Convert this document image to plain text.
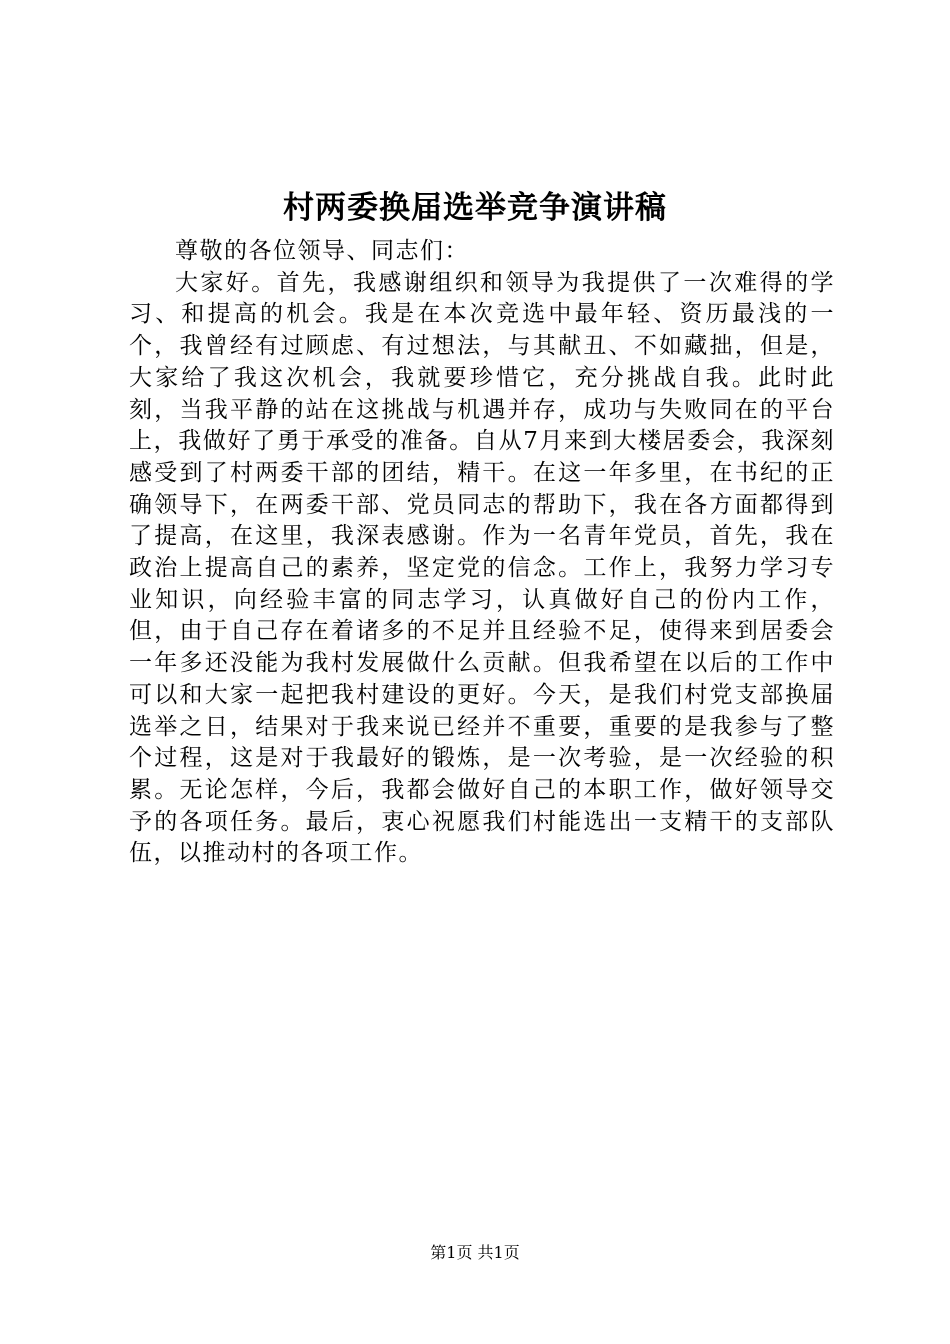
村两委换届选举竞争演讲稿

尊敬的各位领导、同志们：

大家好。首先，我感谢组织和领导为我提供了一次难得的学习、和提高的机会。我是在本次竞选中最年轻、资历最浅的一个，我曾经有过顾虑、有过想法，与其献丑、不如藏拙，但是，大家给了我这次机会，我就要珍惜它，充分挑战自我。此时此刻，当我平静的站在这挑战与机遇并存，成功与失败同在的平台上，我做好了勇于承受的准备。自从7月来到大楼居委会，我深刻感受到了村两委干部的团结，精干。在这一年多里，在书纪的正确领导下，在两委干部、党员同志的帮助下，我在各方面都得到了提高，在这里，我深表感谢。作为一名青年党员，首先，我在政治上提高自己的素养，坚定党的信念。工作上，我努力学习专业知识，向经验丰富的同志学习，认真做好自己的份内工作，但，由于自己存在着诸多的不足并且经验不足，使得来到居委会一年多还没能为我村发展做什么贡献。但我希望在以后的工作中可以和大家一起把我村建设的更好。今天，是我们村党支部换届选举之日，结果对于我来说已经并不重要，重要的是我参与了整个过程，这是对于我最好的锻炼，是一次考验，是一次经验的积累。无论怎样，今后，我都会做好自己的本职工作，做好领导交予的各项任务。最后，衷心祝愿我们村能选出一支精干的支部队伍，以推动村的各项工作。

第1页 共1页
